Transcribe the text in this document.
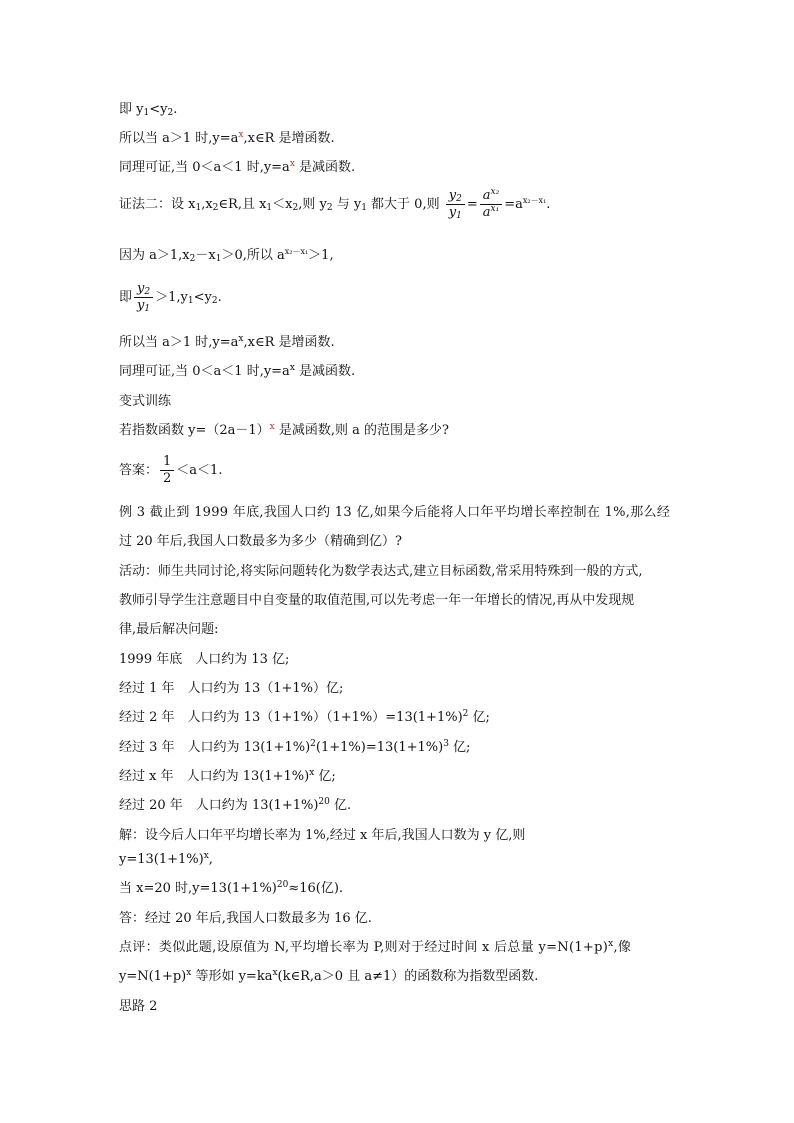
即 $y_1<y_2$.
所以当 a＞1 时$,y=a^x,x\in R$ 是增函数.
同理可证,当 0＜a＜1 时$,y=a^x$ 是减函数.
证法二：设 $x_1,x_2\in R$,且 $x_1<x_2$,则 $y_2$ 与 $y_1$ 都大于 0,则 $\frac{y_2}{y_1} = \frac{a^{x_2}}{a^{x_1}} =a^{x_2-x_1}$.
因为 $a>1,x_2-x_1>0$,所以 $a^{x_2-x_1}>1$,
即 $\frac{y_2}{y_1} >1,y_1<y_2$.
所以当 a＞1 时$,y=a^x,x\in R$ 是增函数.
同理可证,当 0＜a＜1 时$,y=a^x$ 是减函数.
变式训练
若指数函数 $y=(2a-1)^x$ 是减函数,则 a 的范围是多少?
答案： $\frac{1}{2} <a<1$.
例 3 截止到 1999 年底,我国人口约 13 亿,如果今后能将人口年平均增长率控制在 1%,那么经
过 20 年后,我国人口数最多为多少（精确到亿）?
活动：师生共同讨论,将实际问题转化为数学表达式,建立目标函数,常采用特殊到一般的方式,
教师引导学生注意题目中自变量的取值范围,可以先考虑一年一年增长的情况,再从中发现规
律,最后解决问题:
1999 年底　人口约为 13 亿;
经过 1 年　人口约为 13（1+1%）亿;
经过 2 年　人口约为 $13(1+1\%)(1+1\%)=13(1+1\%)^2$ 亿;
经过 3 年　人口约为 $13(1+1\%)^2(1+1\%)=13(1+1\%)^3$ 亿;
经过 x 年　人口约为 $13(1+1\%)^x$ 亿;
经过 20 年　人口约为 $13(1+1\%)^{20}$ 亿.
解：设今后人口年平均增长率为 1%,经过 x 年后,我国人口数为 y 亿,则
$y=13(1+1\%)^x$,
当 x=20 时$,y=13(1+1\%)^{20}\approx 16$(亿).
答：经过 20 年后,我国人口数最多为 16 亿.
点评：类似此题,设原值为 N,平均增长率为 P,则对于经过时间 x 后总量 $y=N(1+p)^x$,像
$y=N(1+p)^x$ 等形如 $y=ka^x(k\in R,a>0$ 且 a≠1）的函数称为指数型函数.
思路 2
